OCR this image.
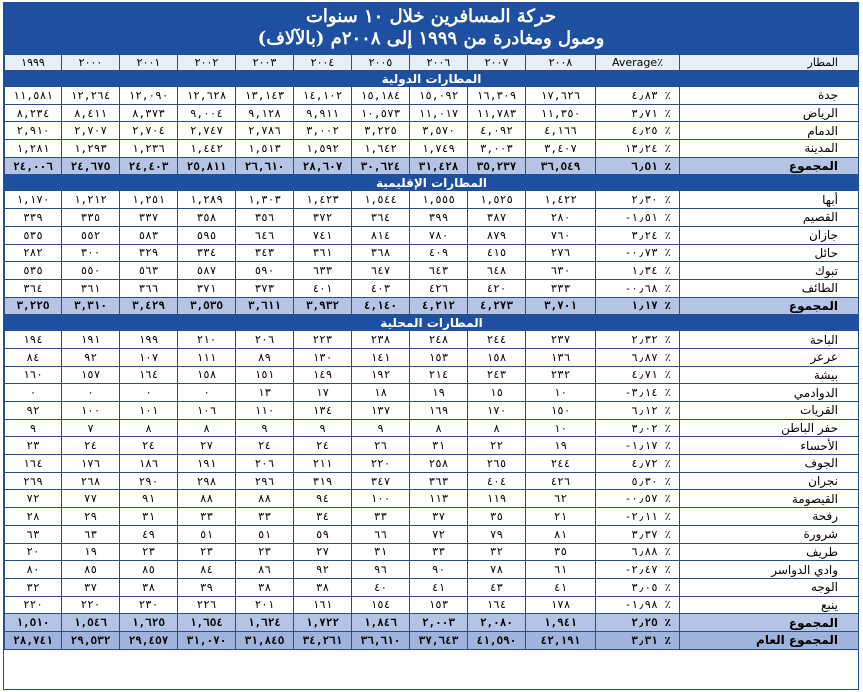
حركة المسافرين خلال ١٠ سنوات
وصول ومغادرة من ١٩٩٩ إلى ٢٠٠٨م (بالآلاف)
١٩٩٩	٢٠٠٠	٢٠٠١	٢٠٠٢	٢٠٠٣	٢٠٠٤	٢٠٠٥	٢٠٠٦	٢٠٠٧	٢٠٠٨	Average٪	المطار
المطارات الدولية											
١١,٥٨١	١٢,٢٦٤	١٢,٠٩٠	١٢,٦٢٨	١٣,١٤٣	١٤,١٠٢	١٥,١٨٤	١٥,٠٩٢	١٦,٣٠٩	١٧,٦٢٦	٪ ٤٫٨٣	جدة
٨,٢٣٤	٨,٤١١	٨,٣٧٣	٩,٠٠٤	٩,١٢٨	٩,٩١١	١٠,٥٧٣	١١,٠١٧	١١,٧٨٣	١١,٣٥٠	٪ ٣٫٧١	الرياض
٢,٩١٠	٢,٧٠٧	٢,٧٠٤	٢,٧٤٧	٢,٧٨٦	٣,٠٠٢	٣,٢٢٥	٣,٥٧٠	٤,٠٩٢	٤,١٦٦	٪ ٤٫٢٥	الدمام
١,٢٨١	١,٢٩٣	١,٢٣٦	١,٤٤٢	١,٥١٣	١,٥٩٢	١,٦٤٢	١,٧٤٩	٣,٠٠٣	٣,٤٠٧	٪ ١٣٫٢٤	المدينة
٢٤,٠٠٦	٢٤,٦٧٥	٢٤,٤٠٣	٢٥,٨١١	٢٦,٦١٠	٢٨,٦٠٧	٣٠,٦٢٤	٣١,٤٢٨	٣٥,٢٣٧	٣٦,٥٤٩	٪ ٦٫٥١	المجموع
المطارات الإقليمية											
١,١٧٠	١,٢١٢	١,٢٥١	١,٢٨٩	١,٣٠٣	١,٤٢٣	١,٥٤٤	١,٥٥٥	١,٥٢٥	١,٤٢٢	٪ ٢٫٣٠	أبها
٣٣٩	٣٣٥	٣٣٧	٣٥٨	٣٥٦	٣٧٢	٣٦٤	٣٩٩	٣٨٧	٢٨٠	٪ ١٫٥١-	القصيم
٥٣٥	٥٥٢	٥٨٣	٥٩٥	٦٤٦	٧٤١	٨١٤	٧٨٠	٨٧٩	٧٦٠	٪ ٣٫٢٤	جازان
٢٨٢	٣٠٠	٣٢٩	٣٣٤	٣٤٣	٣٦١	٣٦٨	٤٠٩	٤١٥	٢٧٦	٪ ٠٫٧٣-	حائل
٥٣٥	٥٥٠	٥٦٣	٥٨٧	٥٩٠	٦٣٣	٦٤٧	٦٤٣	٦٤٨	٦٣٠	٪ ١٫٣٤	تبوك
٣٦٤	٣٦١	٣٦٦	٣٧١	٣٧٣	٤٠١	٤٠٣	٤٢٦	٤٢٠	٣٣٣	٪ ٠٫٦٨-	الطائف
٣,٢٢٥	٣,٣١٠	٣,٤٢٩	٣,٥٣٥	٣,٦١١	٣,٩٣٢	٤,١٤٠	٤,٢١٢	٤,٢٧٣	٣,٧٠١	٪ ١٫١٧	المجموع
المطارات المحلية											
١٩٤	١٩١	١٩٩	٢١٠	٢٠٦	٢٢٣	٢٣٨	٢٤٨	٢٤٤	٢٣٧	٪ ٢٫٣٢	الباحة
٨٤	٩٢	١٠٧	١١١	٨٩	١٣٠	١٤١	١٥٣	١٥٨	١٣٦	٪ ٦٫٨٧	عرعر
١٦٠	١٥٧	١٦٤	١٥٨	١٥١	١٤٩	١٩٢	٢١٤	٢٤٣	٢٣٢	٪ ٤٫٧١	بيشة
٠	٠	٠	٠	١٣	١٧	١٨	١٩	١٥	١٠	٪ ٣٫١٤-	الدوادمي
٩٢	١٠٠	١٠١	١٠٦	١١٠	١٣٤	١٣٧	١٦٩	١٧٠	١٥٠	٪ ٦٫١٢	القريات
٩	٧	٨	٨	٩	٩	٩	٨	٨	١٠	٪ ٣٫٠٢	حفر الباطن
٢٣	٢٤	٢٤	٢٧	٢٤	٢٤	٢٦	٣١	٢٢	١٩	٪ ١٫١٧-	الأحساء
١٦٤	١٧٦	١٨٦	١٩١	٢٠٦	٢١١	٢٢٠	٢٥٨	٢٦٥	٢٤٤	٪ ٤٫٧٢	الجوف
٢٦٩	٢٦٨	٢٩٠	٢٩٨	٢٩٦	٣١٩	٣٤٧	٣٦٣	٤٠٤	٤٢٦	٪ ٥٫٣٠	نجران
٧٢	٧٧	٩١	٨٨	٨٨	٩٤	١٠٠	١١٣	١١٩	٦٢	٪ ٠٫٥٧-	القيصومة
٢٨	٢٩	٣١	٣٣	٣٣	٣٤	٣٣	٣٧	٣٥	٢١	٪ ٢٫١١-	رفحة
٦٣	٦٣	٤٩	٥١	٥١	٥٩	٦٦	٧٢	٧٩	٨١	٪ ٣٫٣٧	شرورة
٢٠	١٩	٢٣	٢٣	٢٣	٢٧	٣١	٣٣	٣٢	٣٥	٪ ٦٫٨٨	طريف
٨٠	٨٥	٨٥	٨٤	٨٦	٩٢	٩٦	٩٠	٧٨	٦١	٪ ٢٫٤٧-	وادي الدواسر
٣٢	٣٧	٣٨	٣٩	٣٨	٣٨	٤٠	٤١	٤٣	٤١	٪ ٣٫٠٥	الوجه
٢٢٠	٢٢٠	٢٣٠	٢٢٦	٢٠١	١٦١	١٥٤	١٥٣	١٦٤	١٧٨	٪ ١٫٩٨-	ينبع
١,٥١٠	١,٥٤٦	١,٦٢٥	١,٦٥٤	١,٦٢٤	١,٧٢٢	١,٨٤٦	٢,٠٠٣	٢,٠٨٠	١,٩٤١	٪ ٢٫٢٥	المجموع
٢٨,٧٤١	٢٩,٥٣٢	٢٩,٤٥٧	٣١,٠٧٠	٣١,٨٤٥	٣٤,٢٦١	٣٦,٦١٠	٣٧,٦٤٣	٤١,٥٩٠	٤٢,١٩١	٪ ٣٫٣١	المجموع العام
